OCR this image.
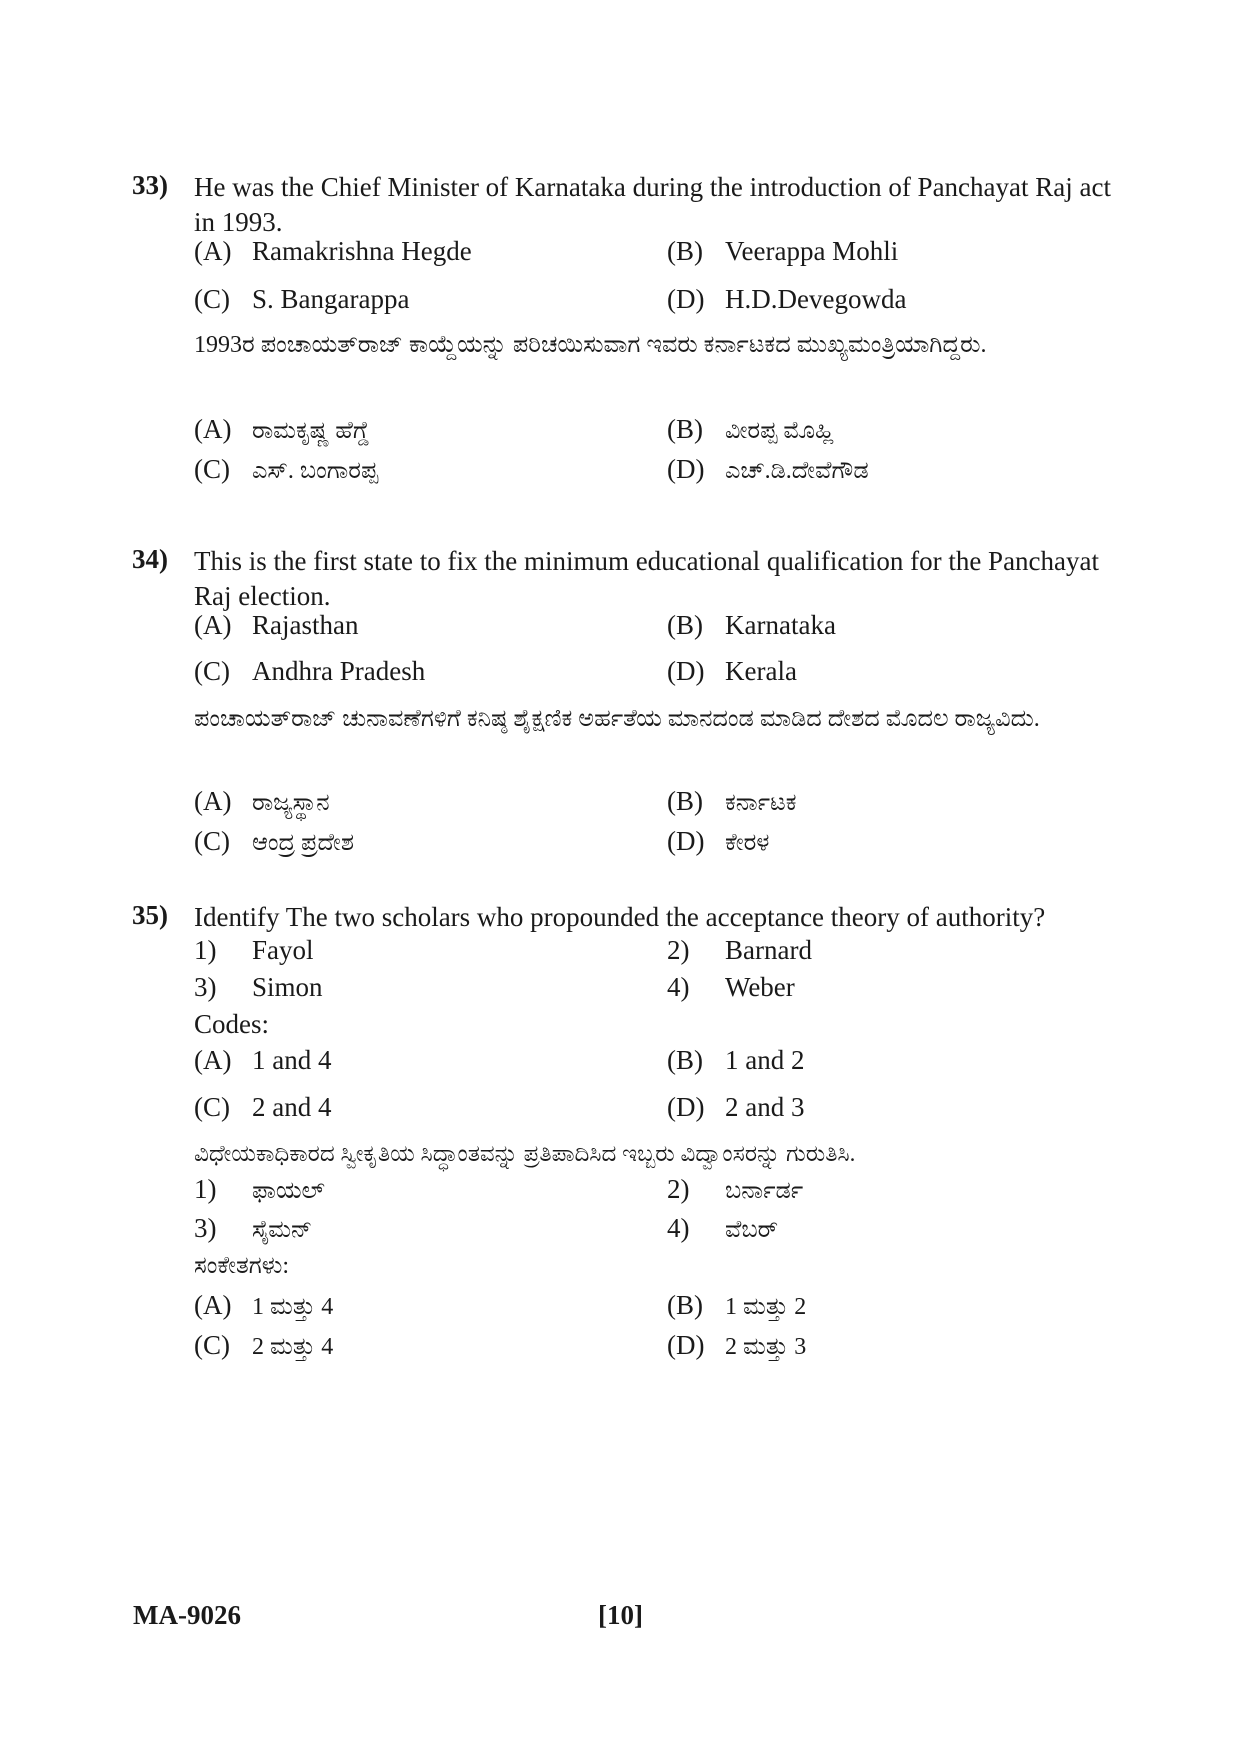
33) He was the Chief Minister of Karnataka during the introduction of Panchayat Raj act in 1993.
(A) Ramakrishna Hegde	(B) Veerappa Mohli
(C) S. Bangarappa	(D) H.D.Devegowda
1993ರ ಪಂಚಾಯತ್‌ರಾಜ್ ಕಾಯ್ದೆಯನ್ನು ಪರಿಚಯಿಸುವಾಗ ಇವರು ಕರ್ನಾಟಕದ ಮುಖ್ಯಮಂತ್ರಿಯಾಗಿದ್ದರು.
(A) ರಾಮಕೃಷ್ಣ ಹೆಗ್ಡೆ	(B) ವೀರಪ್ಪ ಮೊಹ್ಲಿ
(C) ಎಸ್. ಬಂಗಾರಪ್ಪ	(D) ಎಚ್.ಡಿ.ದೇವೆಗೌಡ
34) This is the first state to fix the minimum educational qualification for the Panchayat Raj election.
(A) Rajasthan	(B) Karnataka
(C) Andhra Pradesh	(D) Kerala
ಪಂಚಾಯತ್‌ರಾಜ್ ಚುನಾವಣೆಗಳಿಗೆ ಕನಿಷ್ಠ ಶೈಕ್ಷಣಿಕ ಅರ್ಹತೆಯ ಮಾನದಂಡ ಮಾಡಿದ ದೇಶದ ಮೊದಲ ರಾಜ್ಯವಿದು.
(A) ರಾಜ್ಯಸ್ಥಾನ	(B) ಕರ್ನಾಟಕ
(C) ಆಂದ್ರ ಪ್ರದೇಶ	(D) ಕೇರಳ
35) Identify The two scholars who propounded the acceptance theory of authority?
1) Fayol	2) Barnard
3) Simon	4) Weber
Codes:
(A) 1 and 4	(B) 1 and 2
(C) 2 and 4	(D) 2 and 3
ವಿಧೇಯಕಾಧಿಕಾರದ ಸ್ವೀಕೃತಿಯ ಸಿದ್ಧಾಂತವನ್ನು ಪ್ರತಿಪಾದಿಸಿದ ಇಬ್ಬರು ವಿದ್ವಾಂಸರನ್ನು ಗುರುತಿಸಿ.
1) ಫಾಯಲ್	2) ಬರ್ನಾರ್ಡ
3) ಸೈಮನ್	4) ವೆಬರ್
ಸಂಕೇತಗಳು:
(A) 1 ಮತ್ತು 4	(B) 1 ಮತ್ತು 2
(C) 2 ಮತ್ತು 4	(D) 2 ಮತ್ತು 3
MA-9026	[10]
